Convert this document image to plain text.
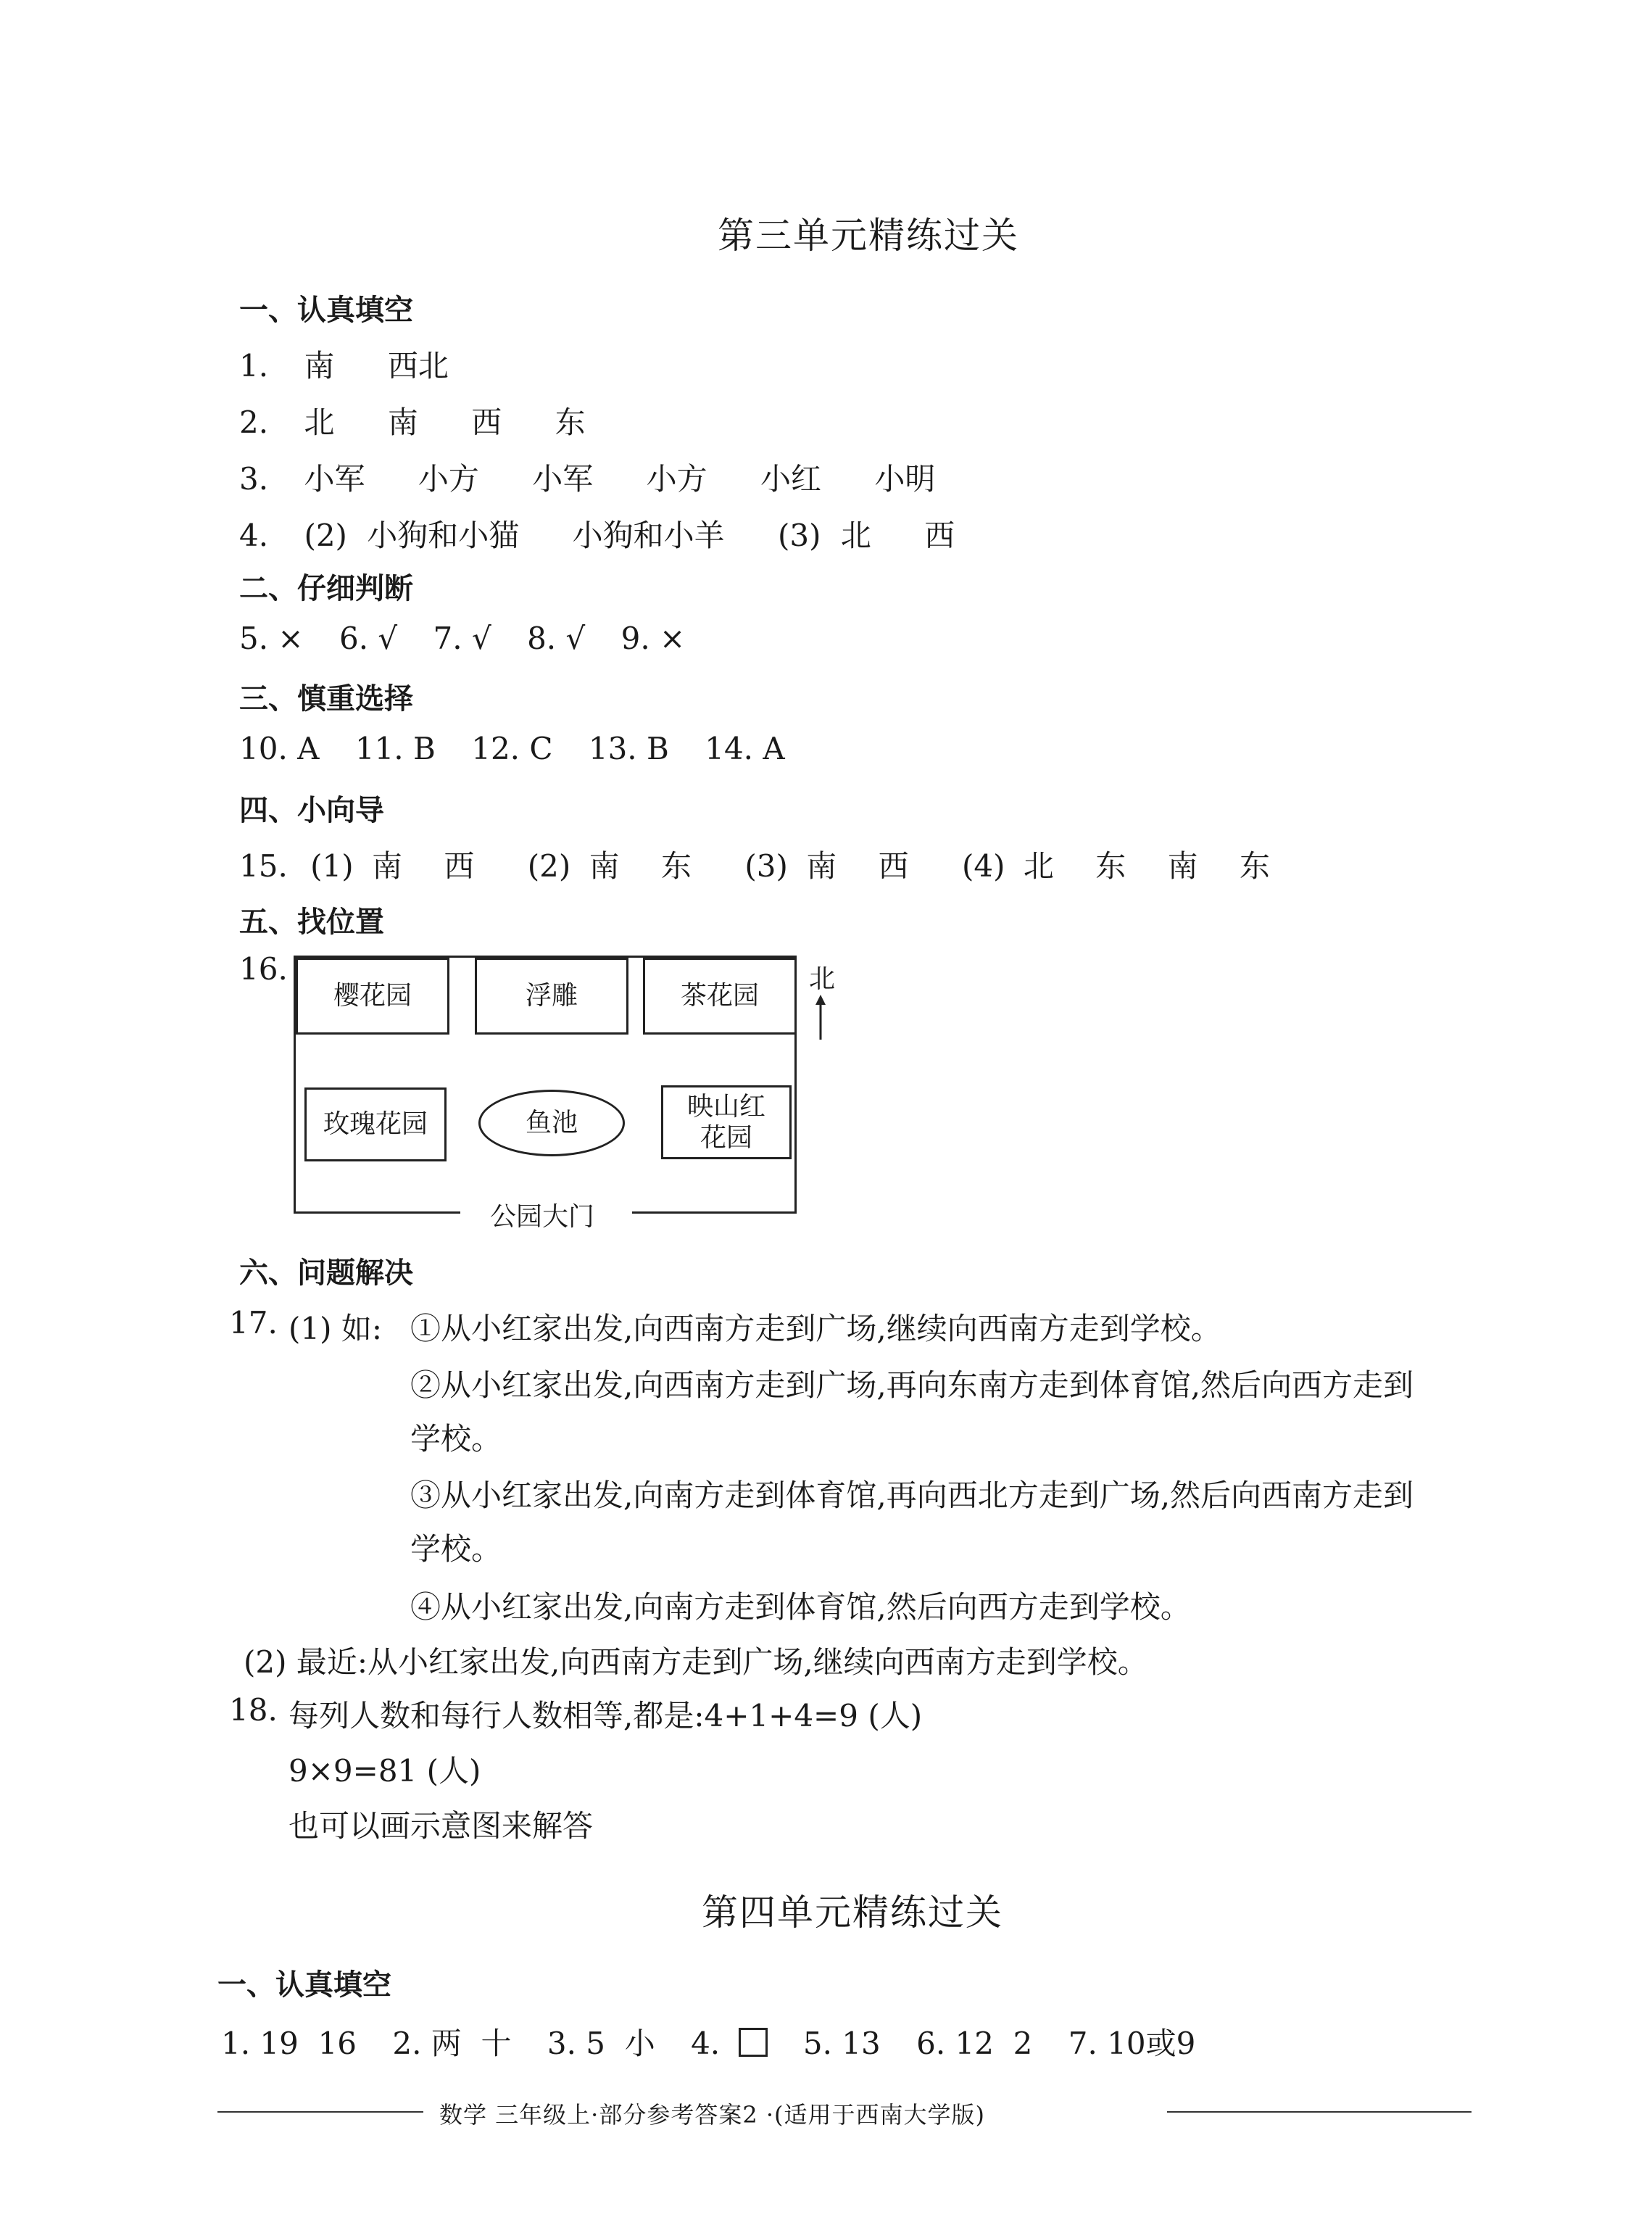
第三单元精练过关
一、认真填空
1. 南 西北
2. 北 南 西 东
3. 小军 小方 小军 小方 小红 小明
4. (2) 小狗和小猫 小狗和小羊 (3) 北 西
二、仔细判断
5. × 6. √ 7. √ 8. √ 9. ×
三、慎重选择
10. A 11. B 12. C 13. B 14. A
四、小向导
15. (1) 南 西 (2) 南 东 (3) 南 西 (4) 北 东 南 东
五、找位置
16.
樱花园	浮雕	茶花园
玫瑰花园	鱼池
映山红
花园
公园大门
北
六、问题解决
17. (1) 如: ①从小红家出发,向西南方走到广场,继续向西南方走到学校。
②从小红家出发,向西南方走到广场,再向东南方走到体育馆,然后向西方走到
学校。
③从小红家出发,向南方走到体育馆,再向西北方走到广场,然后向西南方走到
学校。
④从小红家出发,向南方走到体育馆,然后向西方走到学校。
(2) 最近:从小红家出发,向西南方走到广场,继续向西南方走到学校。
18. 每列人数和每行人数相等,都是:4+1+4=9 (人)
9×9=81 (人)
也可以画示意图来解答
第四单元精练过关
一、认真填空
1. 19  16 2. 两  十 3. 5  小 4.	5. 13 6. 12  2 7. 10或9
数学 三年级上·部分参考答案2 ·(适用于西南大学版)
